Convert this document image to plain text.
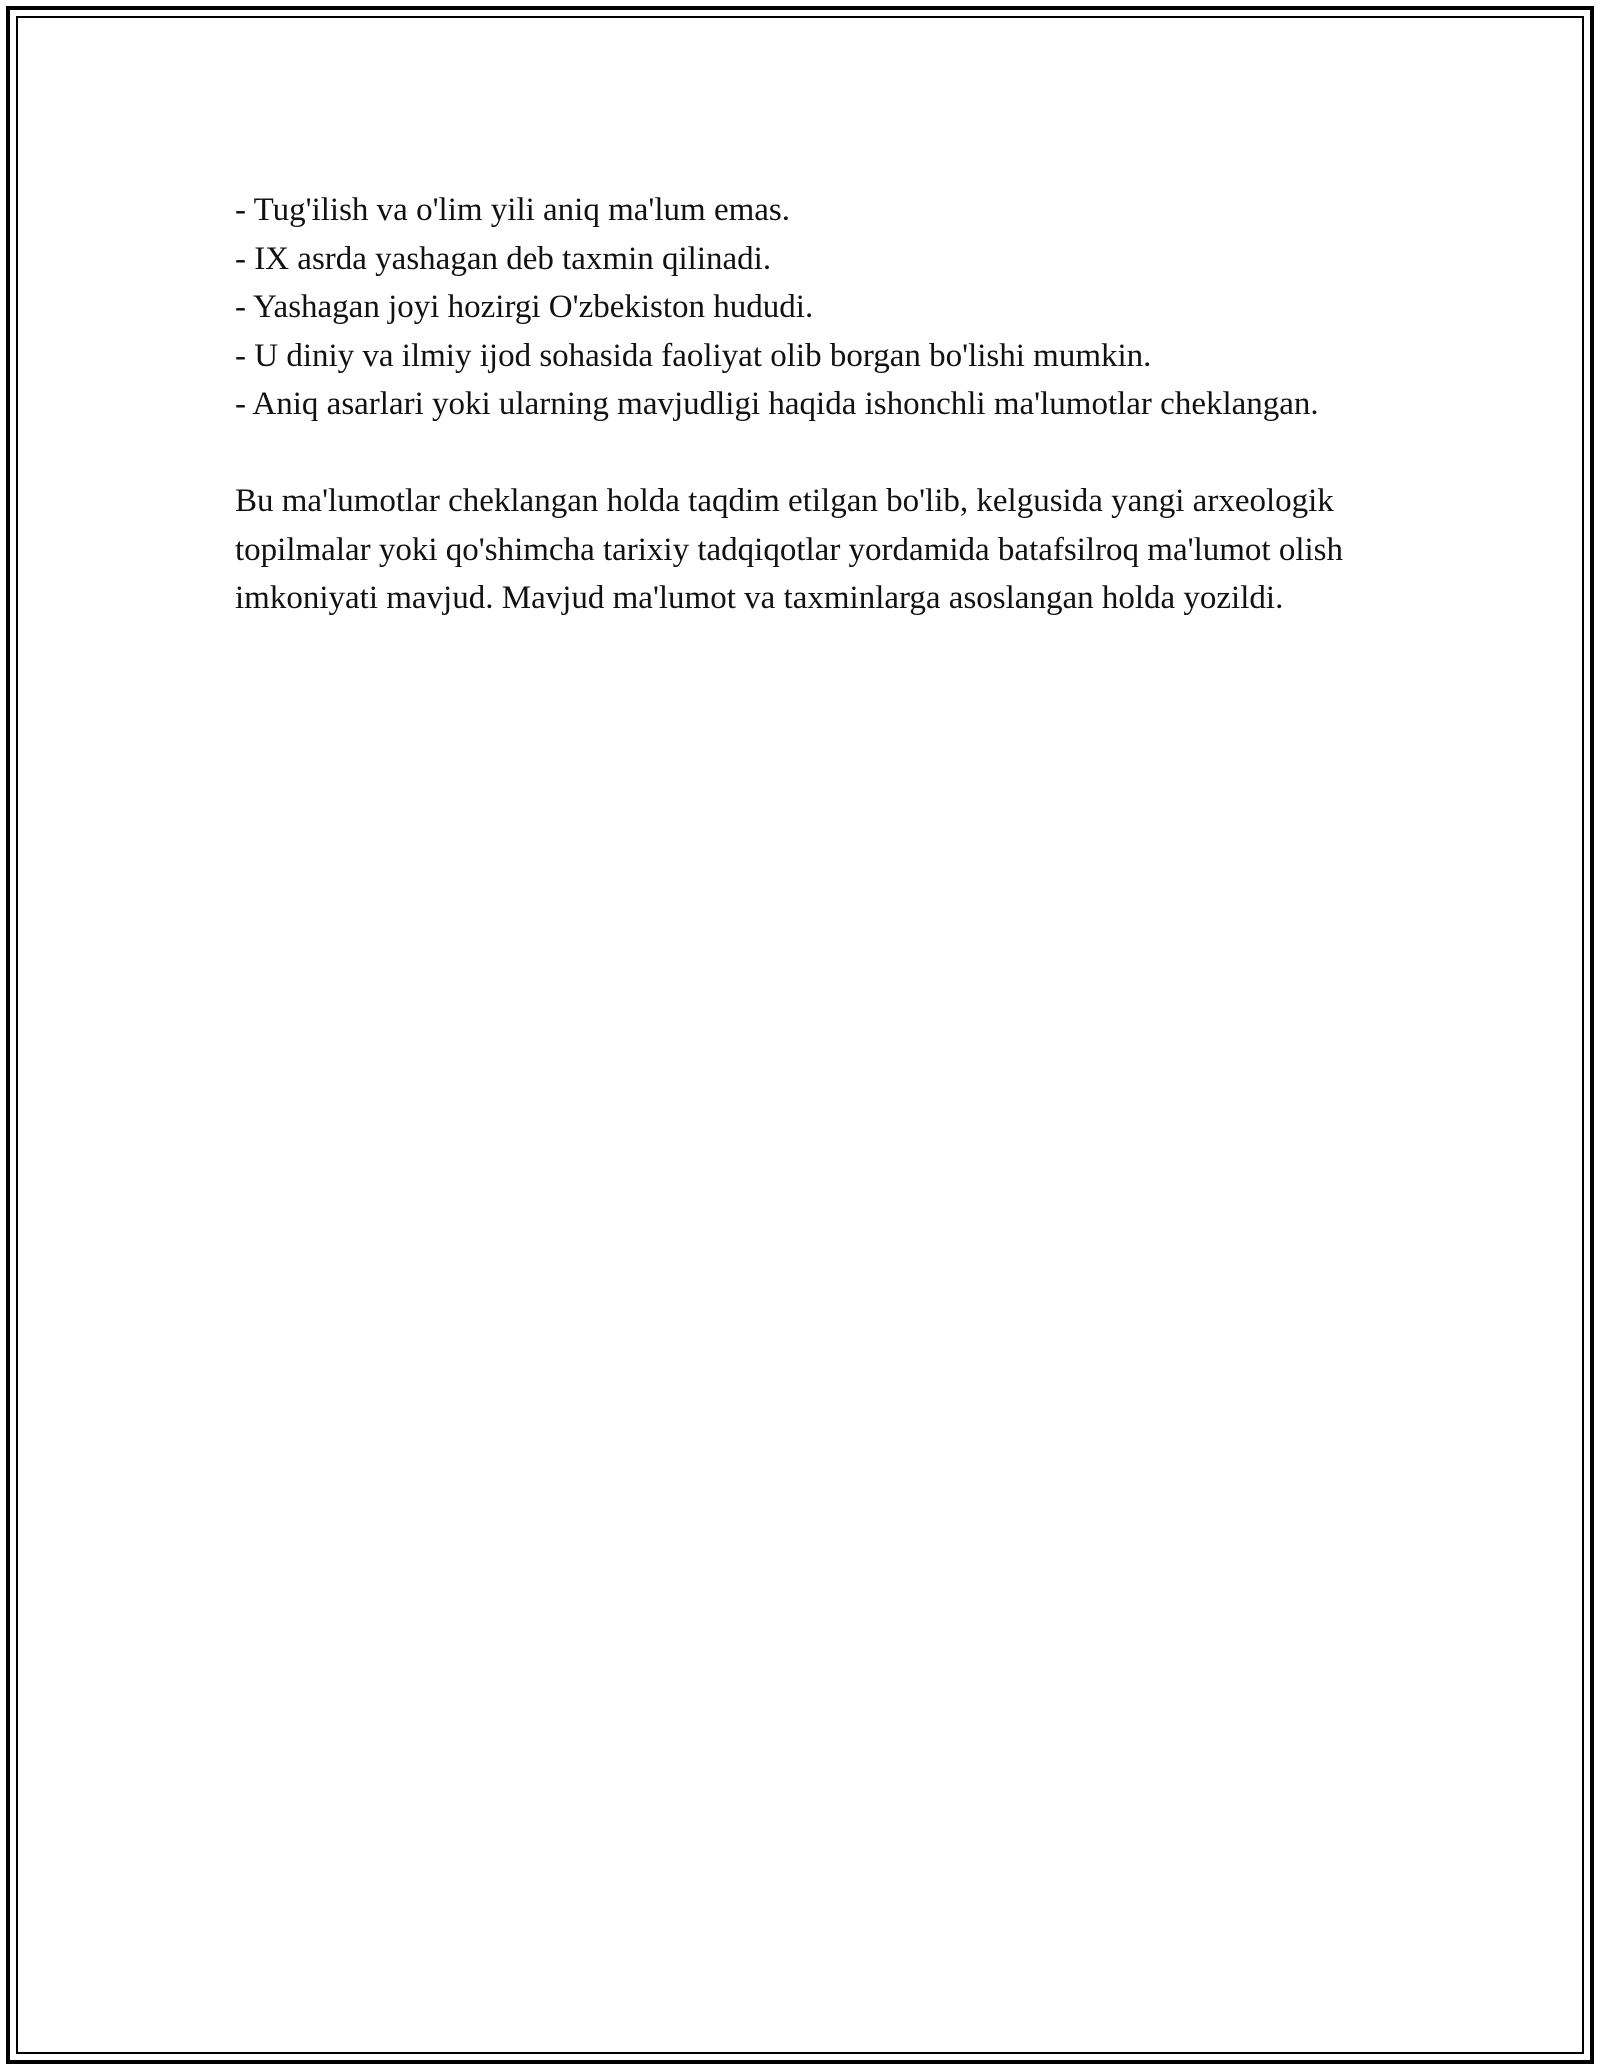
- Tug'ilish va o'lim yili aniq ma'lum emas.
- IX asrda yashagan deb taxmin qilinadi.
- Yashagan joyi hozirgi O'zbekiston hududi.
- U diniy va ilmiy ijod sohasida faoliyat olib borgan bo'lishi mumkin.
- Aniq asarlari yoki ularning mavjudligi haqida ishonchli ma'lumotlar cheklangan.

Bu ma'lumotlar cheklangan holda taqdim etilgan bo'lib, kelgusida yangi arxeologik topilmalar yoki qo'shimcha tarixiy tadqiqotlar yordamida batafsilroq ma'lumot olish imkoniyati mavjud. Mavjud ma'lumot va taxminlarga asoslangan holda yozildi.
